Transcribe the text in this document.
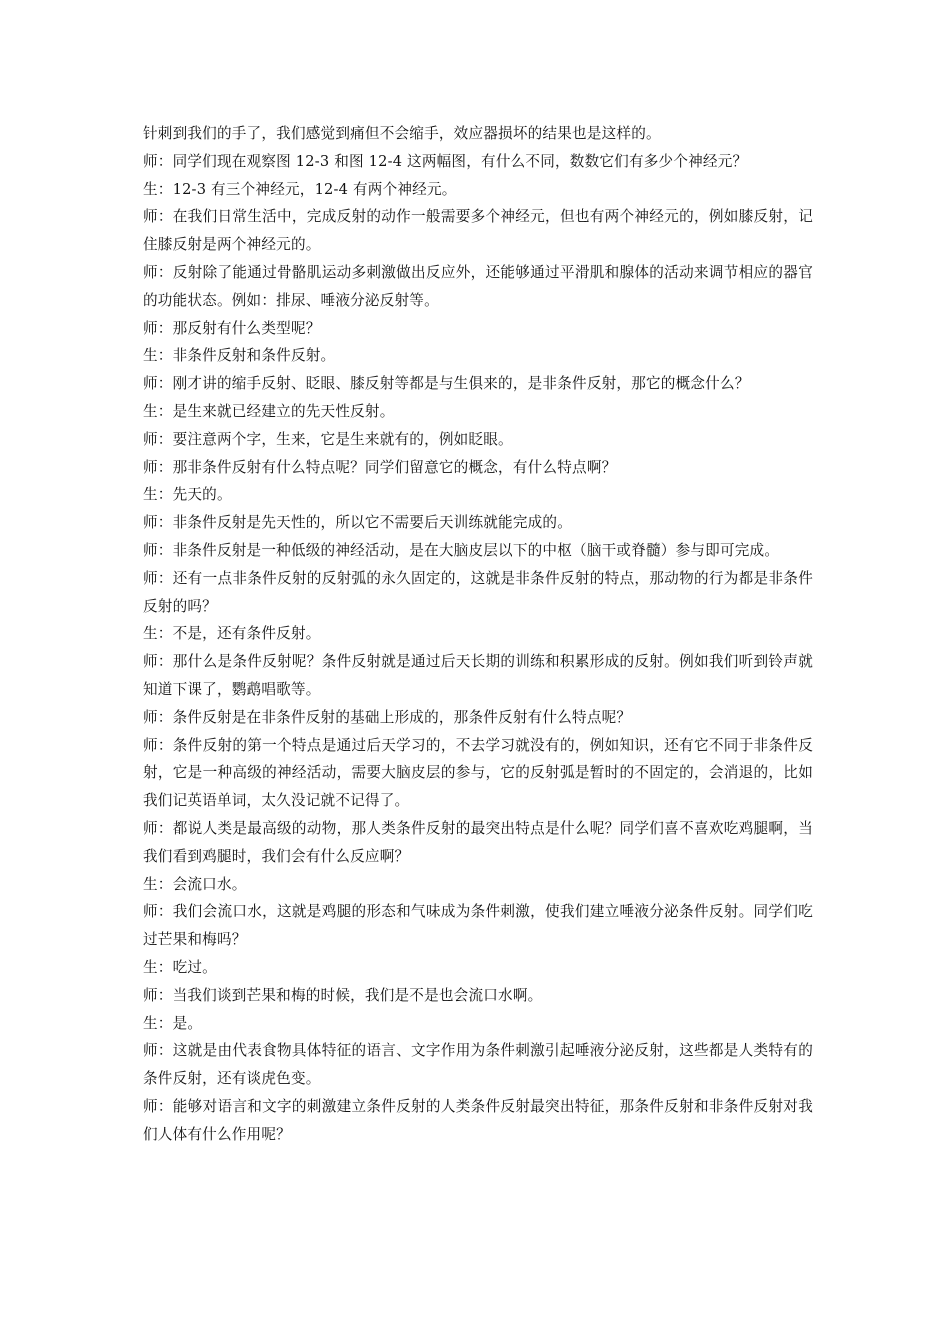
针刺到我们的手了，我们感觉到痛但不会缩手，效应器损坏的结果也是这样的。

师：同学们现在观察图 12-3 和图 12-4 这两幅图，有什么不同，数数它们有多少个神经元？

生：12-3 有三个神经元，12-4 有两个神经元。

师：在我们日常生活中，完成反射的动作一般需要多个神经元，但也有两个神经元的，例如膝反射，记住膝反射是两个神经元的。

师：反射除了能通过骨骼肌运动多刺激做出反应外，还能够通过平滑肌和腺体的活动来调节相应的器官的功能状态。例如：排尿、唾液分泌反射等。

师：那反射有什么类型呢？

生：非条件反射和条件反射。

师：刚才讲的缩手反射、眨眼、膝反射等都是与生俱来的，是非条件反射，那它的概念什么？

生：是生来就已经建立的先天性反射。

师：要注意两个字，生来，它是生来就有的，例如眨眼。

师：那非条件反射有什么特点呢？同学们留意它的概念，有什么特点啊？

生：先天的。

师：非条件反射是先天性的，所以它不需要后天训练就能完成的。

师：非条件反射是一种低级的神经活动，是在大脑皮层以下的中枢（脑干或脊髓）参与即可完成。

师：还有一点非条件反射的反射弧的永久固定的，这就是非条件反射的特点，那动物的行为都是非条件反射的吗？

生：不是，还有条件反射。

师：那什么是条件反射呢？条件反射就是通过后天长期的训练和积累形成的反射。例如我们听到铃声就知道下课了，鹦鹉唱歌等。

师：条件反射是在非条件反射的基础上形成的，那条件反射有什么特点呢？

师：条件反射的第一个特点是通过后天学习的，不去学习就没有的，例如知识，还有它不同于非条件反射，它是一种高级的神经活动，需要大脑皮层的参与，它的反射弧是暂时的不固定的，会消退的，比如我们记英语单词，太久没记就不记得了。

师：都说人类是最高级的动物，那人类条件反射的最突出特点是什么呢？同学们喜不喜欢吃鸡腿啊，当我们看到鸡腿时，我们会有什么反应啊？

生：会流口水。

师：我们会流口水，这就是鸡腿的形态和气味成为条件刺激，使我们建立唾液分泌条件反射。同学们吃过芒果和梅吗？

生：吃过。

师：当我们谈到芒果和梅的时候，我们是不是也会流口水啊。

生：是。

师：这就是由代表食物具体特征的语言、文字作用为条件刺激引起唾液分泌反射，这些都是人类特有的条件反射，还有谈虎色变。

师：能够对语言和文字的刺激建立条件反射的人类条件反射最突出特征，那条件反射和非条件反射对我们人体有什么作用呢？
